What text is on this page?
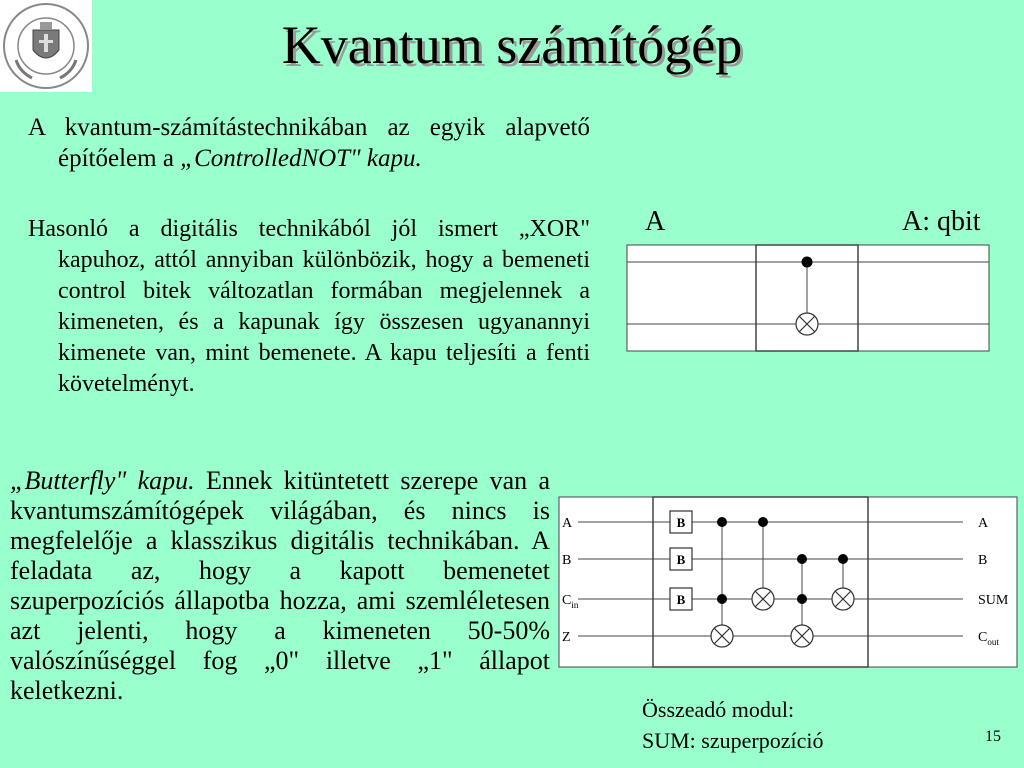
Kvantum számítógép

A kvantum-számítástechnikában az egyik alapvető építőelem a „ControlledNOT" kapu.

Hasonló a digitális technikából jól ismert „XOR" kapuhoz, attól annyiban különbözik, hogy a bemeneti control bitek változatlan formában megjelennek a kimeneten, és a kapunak így összesen ugyanannyi kimenete van, mint bemenete. A kapu teljesíti a fenti követelményt.

A	A: qbit
„Butterfly" kapu. Ennek kitüntetett szerepe van a kvantumszámítógépek világában, és nincs is megfelelője a klasszikus digitális technikában. A feladata az, hogy a kapott bemenetet szuperpozíciós állapotba hozza, ami szemléletesen azt jelenti, hogy a kimeneten 50-50% valószínűséggel fog „0" illetve „1" állapot keletkezni.
A
B
$C_{in}$
Z
A
B
SUM
$C_{out}$
B
B
B
Összeadó modul:
SUM: szuperpozíció	15
